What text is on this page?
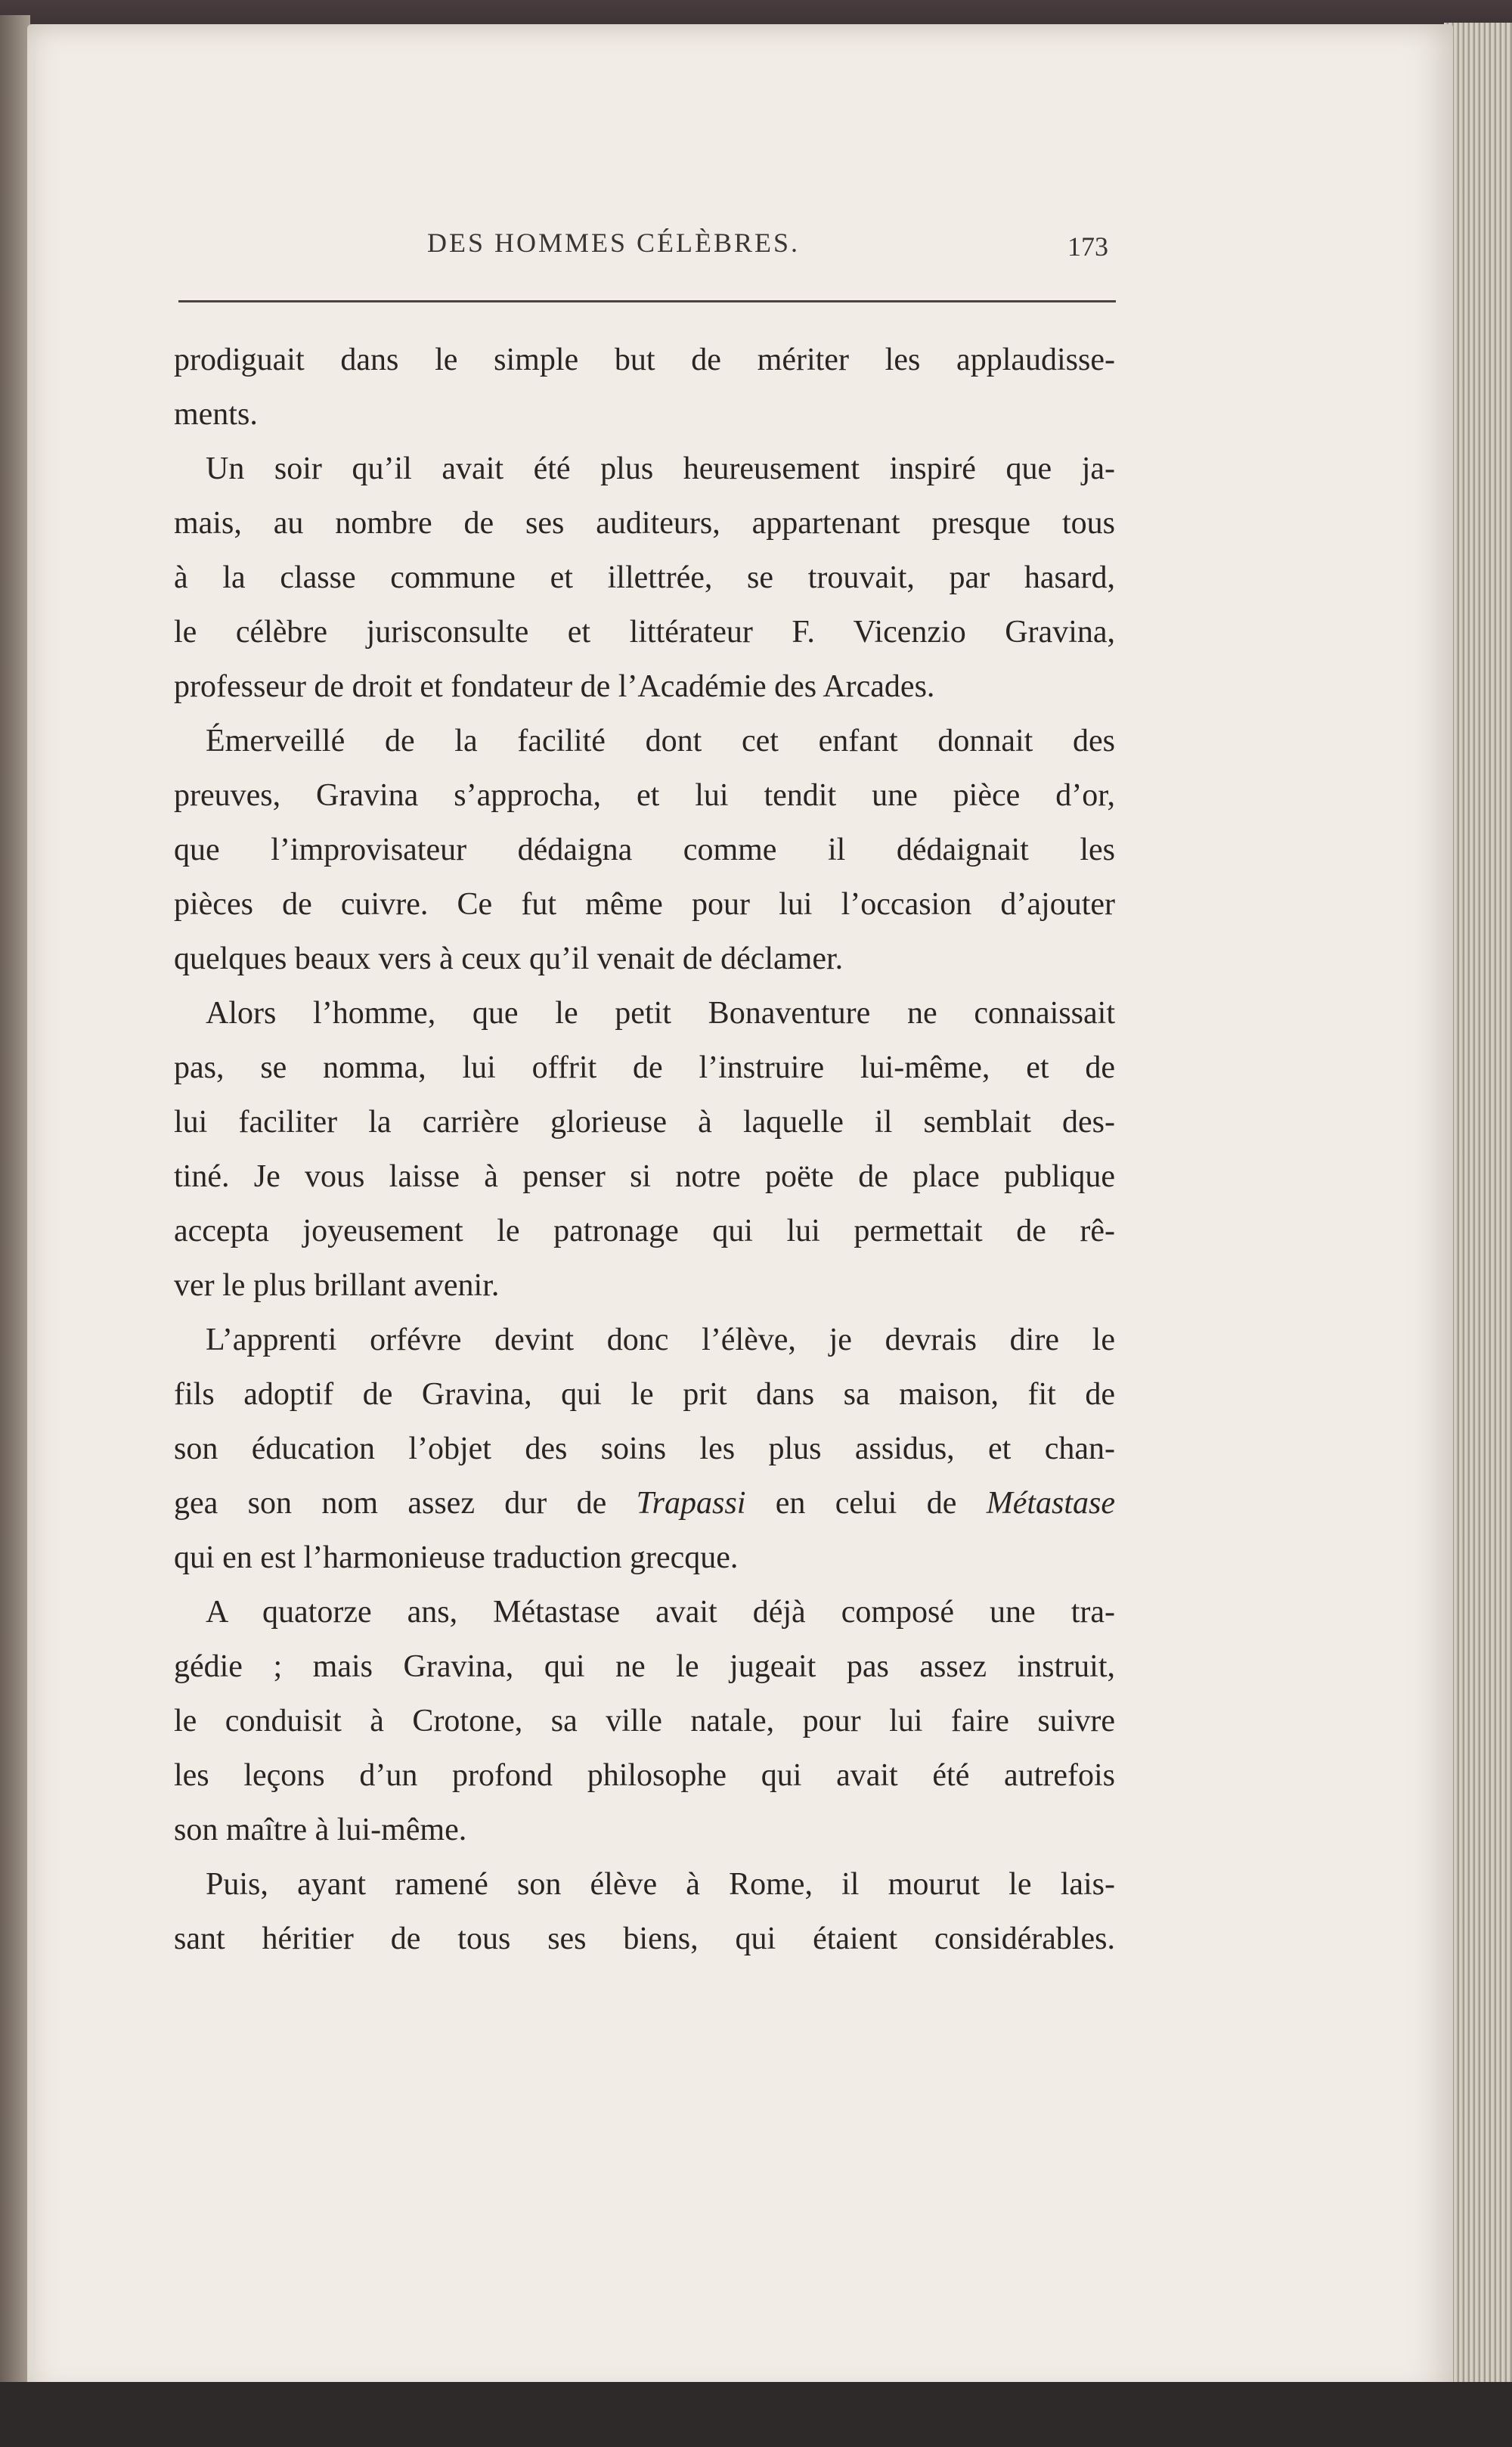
DES HOMMES CÉLÈBRES.	173
prodiguait dans le simple but de mériter les applaudisse-
ments.
Un soir qu’il avait été plus heureusement inspiré que ja-
mais, au nombre de ses auditeurs, appartenant presque tous
à la classe commune et illettrée, se trouvait, par hasard,
le célèbre jurisconsulte et littérateur F. Vicenzio Gravina,
professeur de droit et fondateur de l’Académie des Arcades.
Émerveillé de la facilité dont cet enfant donnait des
preuves, Gravina s’approcha, et lui tendit une pièce d’or,
que l’improvisateur dédaigna comme il dédaignait les
pièces de cuivre. Ce fut même pour lui l’occasion d’ajouter
quelques beaux vers à ceux qu’il venait de déclamer.
Alors l’homme, que le petit Bonaventure ne connaissait
pas, se nomma, lui offrit de l’instruire lui-même, et de
lui faciliter la carrière glorieuse à laquelle il semblait des-
tiné. Je vous laisse à penser si notre poëte de place publique
accepta joyeusement le patronage qui lui permettait de rê-
ver le plus brillant avenir.
L’apprenti orfévre devint donc l’élève, je devrais dire le
fils adoptif de Gravina, qui le prit dans sa maison, fit de
son éducation l’objet des soins les plus assidus, et chan-
gea son nom assez dur de Trapassi en celui de Métastase
qui en est l’harmonieuse traduction grecque.
A quatorze ans, Métastase avait déjà composé une tra-
gédie ; mais Gravina, qui ne le jugeait pas assez instruit,
le conduisit à Crotone, sa ville natale, pour lui faire suivre
les leçons d’un profond philosophe qui avait été autrefois
son maître à lui-même.
Puis, ayant ramené son élève à Rome, il mourut le lais-
sant héritier de tous ses biens, qui étaient considérables.
